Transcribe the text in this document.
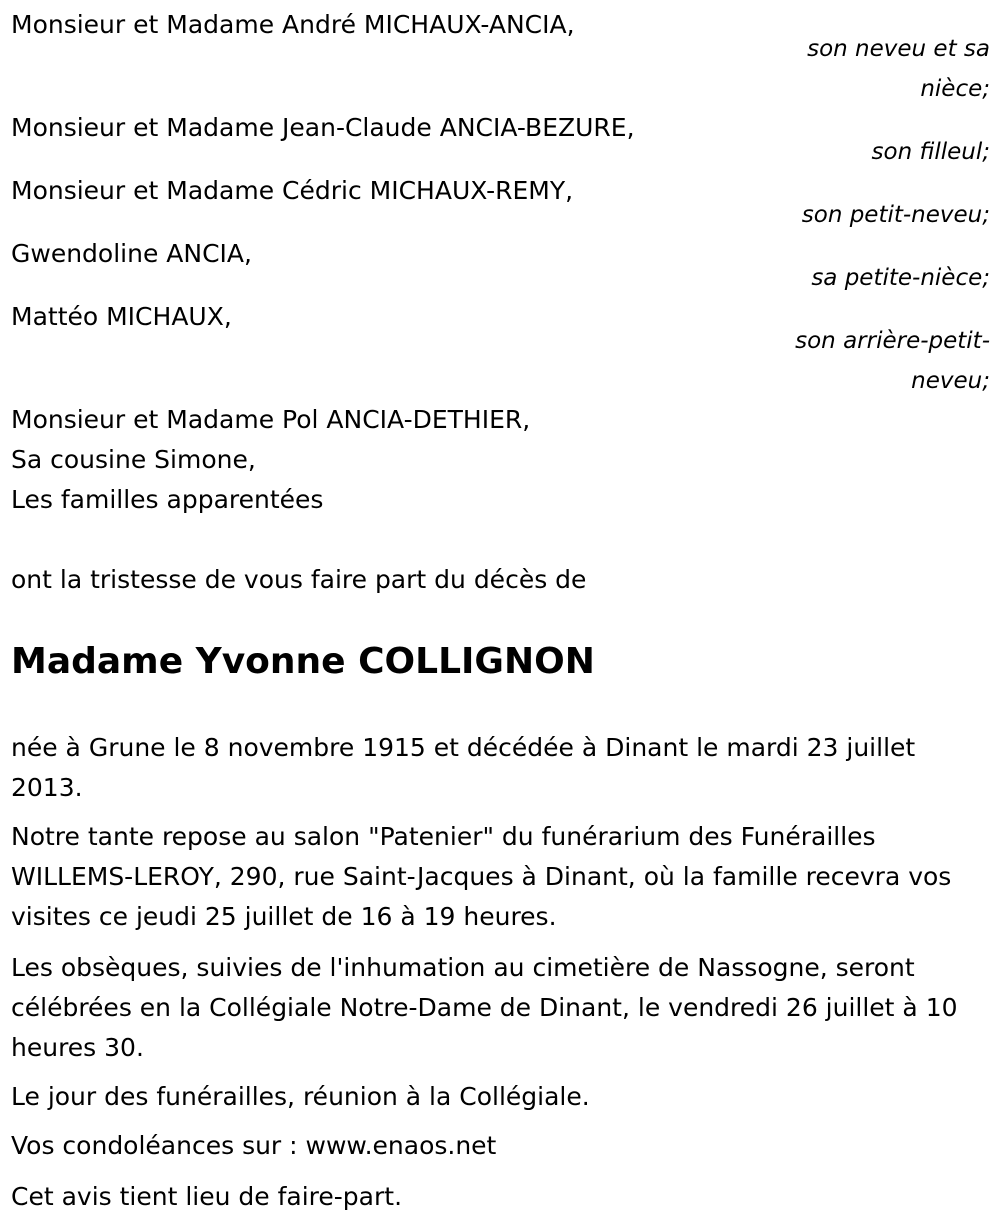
Monsieur et Madame André MICHAUX-ANCIA,
Monsieur et Madame Jean-Claude ANCIA-BEZURE,
Monsieur et Madame Cédric MICHAUX-REMY,
Gwendoline ANCIA,
Mattéo MICHAUX,
son neveu et sa
nièce;
son filleul;
son petit-neveu;
sa petite-nièce;
son arrière-petit-
neveu;
Monsieur et Madame Pol ANCIA-DETHIER,
Sa cousine Simone,
Les familles apparentées
ont la tristesse de vous faire part du décès de
Madame Yvonne COLLIGNON
née à Grune le 8 novembre 1915 et décédée à Dinant le mardi 23 juillet 2013.
Notre tante repose au salon "Patenier" du funérarium des Funérailles WILLEMS-LEROY, 290, rue Saint-Jacques à Dinant, où la famille recevra vos visites ce jeudi 25 juillet de 16 à 19 heures.
Les obsèques, suivies de l'inhumation au cimetière de Nassogne, seront célébrées en la Collégiale Notre-Dame de Dinant, le vendredi 26 juillet à 10 heures 30.
Le jour des funérailles, réunion à la Collégiale.
Vos condoléances sur : www.enaos.net
Cet avis tient lieu de faire-part.
